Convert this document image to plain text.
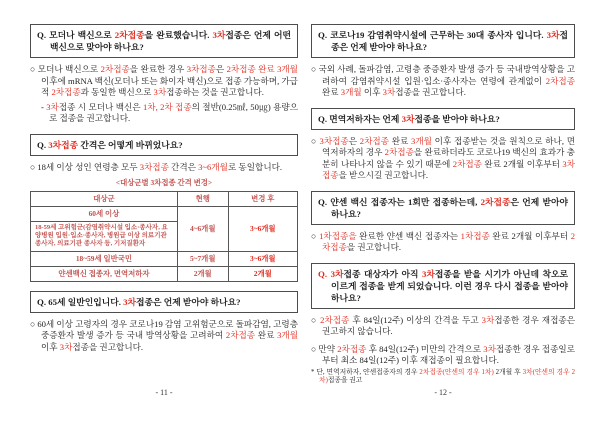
Q. 모더나 백신으로 2차접종을 완료했습니다. 3차접종은 언제 어떤 백신으로 맞아야 하나요?
○ 모더나 백신으로 2차접종을 완료한 경우 3차접종은 2차접종 완료 3개월 이후에 mRNA 백신(모더나 또는 화이자 백신)으로 접종 가능하며, 가급적 2차접종과 동일한 백신으로 3차접종하는 것을 권고합니다.
- 3차접종 시 모더나 백신은 1차, 2차 접종의 절반(0.25㎖, 50㎍) 용량으로 접종을 권고합니다.
Q. 3차접종 간격은 어떻게 바뀌었나요?
○ 18세 이상 성인 연령층 모두 3차접종 간격은 3~6개월로 동일합니다.
<대상군별 3차접종 간격 변경>
대상군	현행	변경 후
60세 이상	4~6개월	3~6개월
18-59세 고위험군(감염취약시설 입소·종사자, 요양병원 입원·입소·종사자, 병원급 이상 의료기관 종사자, 의료기관 종사자 등, 기저질환자		
18~59세 일반국민	5~7개월	3~6개월
얀센백신 접종자, 면역저하자	2개월	2개월
Q. 65세 일반인입니다. 3차접종은 언제 받아야 하나요?
○ 60세 이상 고령자의 경우 코로나19 감염 고위험군으로 돌파감염, 고령층 중증환자 발생 증가 등 국내 방역상황을 고려하여 2차접종 완료 3개월 이후 3차접종을 권고합니다.
Q. 코로나19 감염취약시설에 근무하는 30대 종사자 입니다. 3차접종은 언제 받아야 하나요?
○ 국외 사례, 돌파감염, 고령층 중증환자 발생 증가 등 국내방역상황을 고려하여 감염취약시설 입원·입소·종사자는 연령에 관계없이 2차접종 완료 3개월 이후 3차접종을 권고합니다.
Q. 면역저하자는 언제 3차접종을 받아야 하나요?
○ 3차접종은 2차접종 완료 3개월 이후 접종받는 것을 원칙으로 하나, 면역저하자의 경우 2차접종을 완료하더라도 코로나19 백신의 효과가 충분히 나타나지 않을 수 있기 때문에 2차접종 완료 2개월 이후부터 3차접종을 받으시길 권고합니다.
Q. 얀센 백신 접종자는 1회만 접종하는데, 2차접종은 언제 받아야 하나요?
○ 1차접종을 완료한 얀센 백신 접종자는 1차접종 완료 2개월 이후부터 2차접종을 권고합니다.
Q. 3차접종 대상자가 아직 3차접종을 받을 시기가 아닌데 착오로 이르게 접종을 받게 되었습니다. 이런 경우 다시 접종을 받아야 하나요?
○ 2차접종 후 84일(12주) 이상의 간격을 두고 3차접종한 경우 재접종은 권고하지 않습니다.
○ 만약 2차접종 후 84일(12주) 미만의 간격으로 3차접종한 경우 접종일로부터 최소 84일(12주) 이후 재접종이 필요합니다.
* 단, 면역저하자, 얀센접종자의 경우 2차접종(얀센의 경우 1차) 2개월 후 3차(얀센의 경우 2차)접종을 권고
- 11 -	- 12 -
